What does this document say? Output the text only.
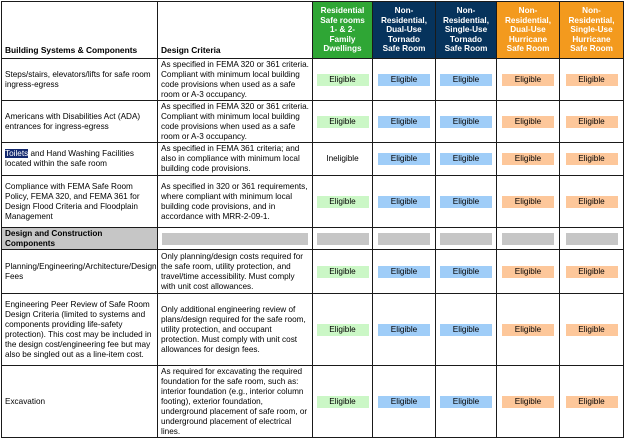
Building Systems & Components	Design Criteria	Residential
Safe rooms
1- & 2-
Family
Dwellings	Non-
Residential,
Dual-Use
Tornado
Safe Room	Non-
Residential,
Single-Use
Tornado
Safe Room	Non-
Residential,
Dual-Use
Hurricane
Safe Room	Non-
Residential,
Single-Use
Hurricane
Safe Room
Steps/stairs, elevators/lifts for safe room ingress-egress	As specified in FEMA 320 or 361 criteria. Compliant with minimum local building code provisions when used as a safe room or A-3 occupancy.	Eligible	Eligible	Eligible	Eligible	Eligible

Americans with Disabilities Act (ADA) entrances for ingress-egress	As specified in FEMA 320 or 361 criteria. Compliant with minimum local building code provisions when used as a safe room or A-3 occupancy.	Eligible	Eligible	Eligible	Eligible	Eligible

Toilets and Hand Washing Facilities located within the safe room	As specified in FEMA 361 criteria; and also in compliance with minimum local building code provisions.	Ineligible	Eligible	Eligible	Eligible	Eligible

Compliance with FEMA Safe Room Policy, FEMA 320, and FEMA 361 for Design Flood Criteria and Floodplain Management	As specified in 320 or 361 requirements, where compliant with minimum local building code provisions, and in accordance with MRR-2-09-1.	Eligible	Eligible	Eligible	Eligible	Eligible

Design and Construction Components	

Planning/Engineering/Architecture/Design Fees	Only planning/design costs required for the safe room, utility protection, and travel/time accessibility. Must comply with unit cost allowances.	Eligible	Eligible	Eligible	Eligible	Eligible

Engineering Peer Review of Safe Room Design Criteria (limited to systems and components providing life-safety protection). This cost may be included in the design cost/engineering fee but may also be singled out as a line-item cost.	Only additional engineering review of plans/design required for the safe room, utility protection, and occupant protection. Must comply with unit cost allowances for design fees.	Eligible	Eligible	Eligible	Eligible	Eligible

Excavation	As required for excavating the required foundation for the safe room, such as: interior foundation (e.g., interior column footing), exterior foundation, underground placement of safe room, or underground placement of electrical lines.	Eligible	Eligible	Eligible	Eligible	Eligible
